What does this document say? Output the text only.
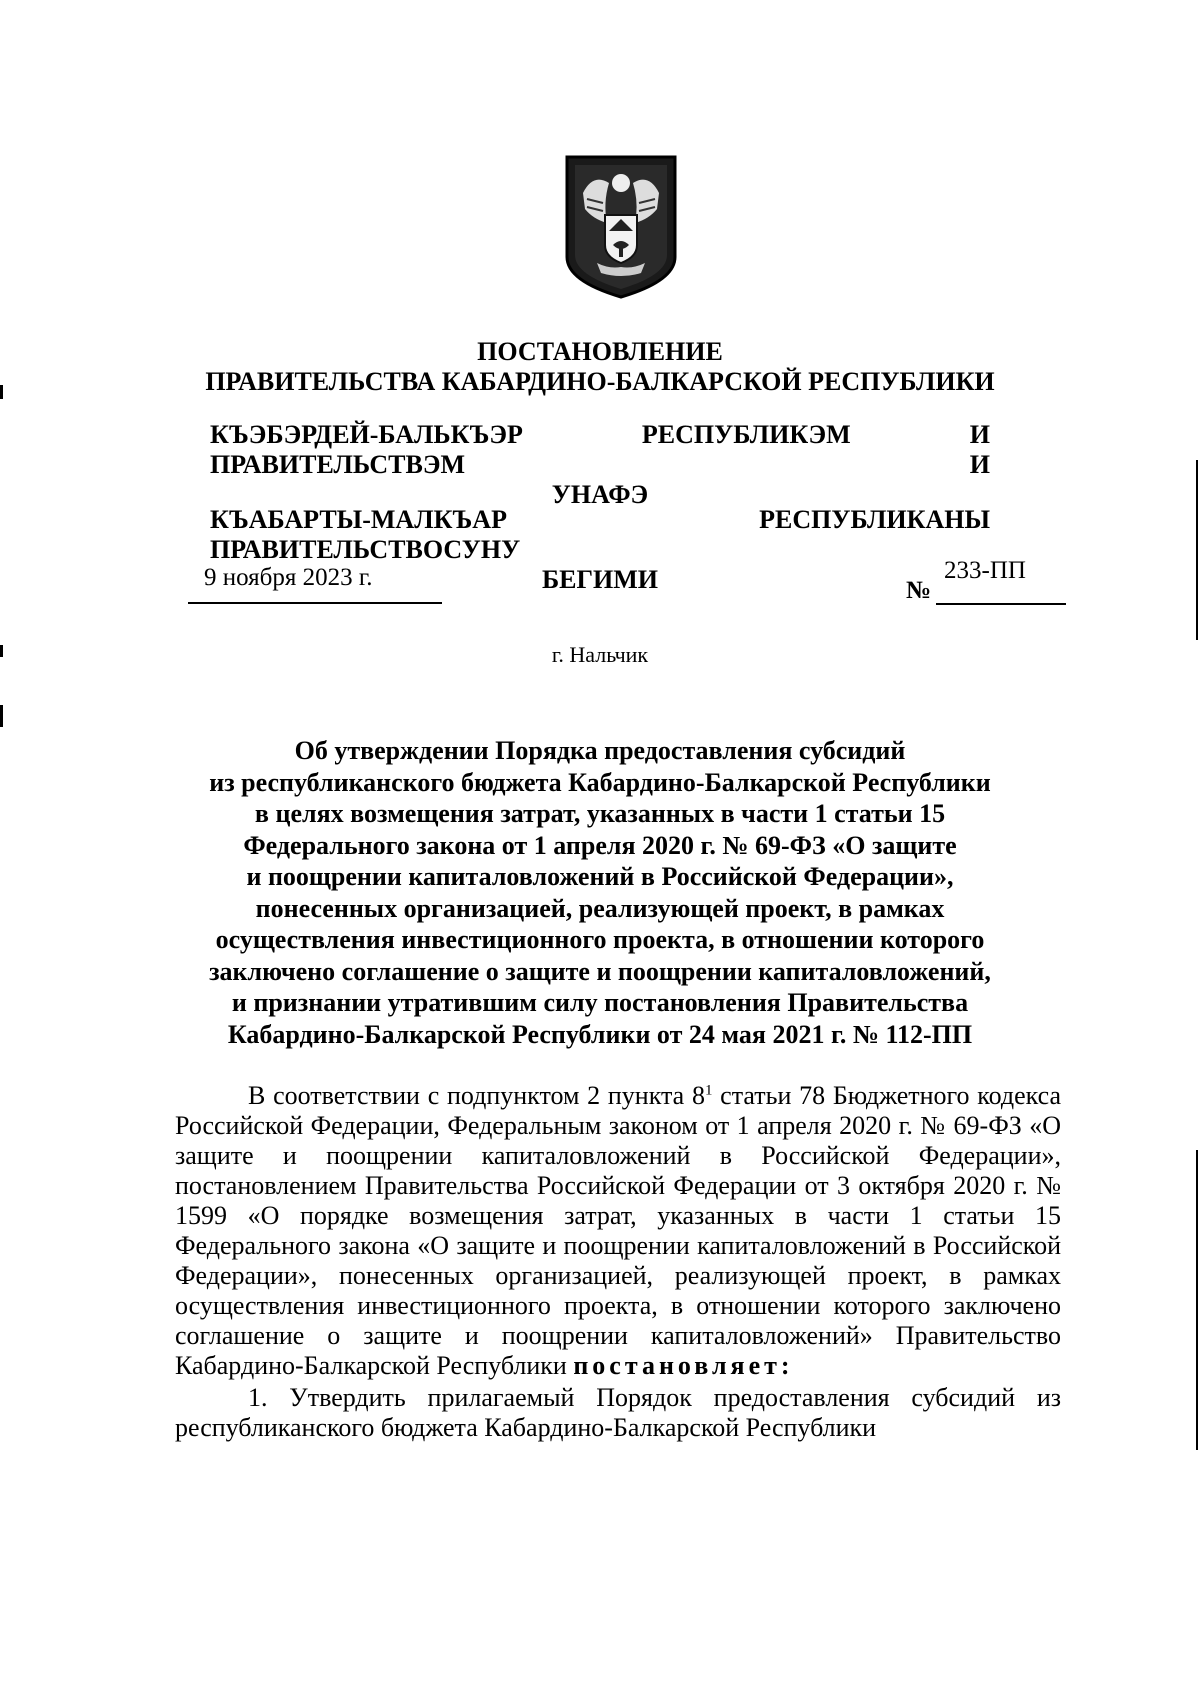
ПОСТАНОВЛЕНИЕ
ПРАВИТЕЛЬСТВА КАБАРДИНО-БАЛКАРСКОЙ РЕСПУБЛИКИ
КЪЭБЭРДЕЙ-БАЛЬКЪЭР РЕСПУБЛИКЭМ И ПРАВИТЕЛЬСТВЭМ И
УНАФЭ
КЪАБАРТЫ-МАЛКЪАР РЕСПУБЛИКАНЫ ПРАВИТЕЛЬСТВОСУНУ
БЕГИМИ
9 ноября 2023 г.	№
233-ПП
г. Нальчик
Об утверждении Порядка предоставления субсидий
из республиканского бюджета Кабардино-Балкарской Республики
в целях возмещения затрат, указанных в части 1 статьи 15
Федерального закона от 1 апреля 2020 г. № 69-ФЗ «О защите
и поощрении капиталовложений в Российской Федерации»,
понесенных организацией, реализующей проект, в рамках
осуществления инвестиционного проекта, в отношении которого
заключено соглашение о защите и поощрении капиталовложений,
и признании утратившим силу постановления Правительства
Кабардино-Балкарской Республики от 24 мая 2021 г. № 112-ПП

В соответствии с подпунктом 2 пункта $8^1$ статьи 78 Бюджетного кодекса Российской Федерации, Федеральным законом от 1 апреля 2020 г. № 69-ФЗ «О защите и поощрении капиталовложений в Российской Федерации», постановлением Правительства Российской Федерации от 3 октября 2020 г. № 1599 «О порядке возмещения затрат, указанных в части 1 статьи 15 Федерального закона «О защите и поощрении капиталовложений в Российской Федерации», понесенных организацией, реализующей проект, в рамках осуществления инвестиционного проекта, в отношении которого заключено соглашение о защите и поощрении капиталовложений» Правительство Кабардино-Балкарской Республики постановляет:

1. Утвердить прилагаемый Порядок предоставления субсидий из республиканского бюджета Кабардино-Балкарской Республики
